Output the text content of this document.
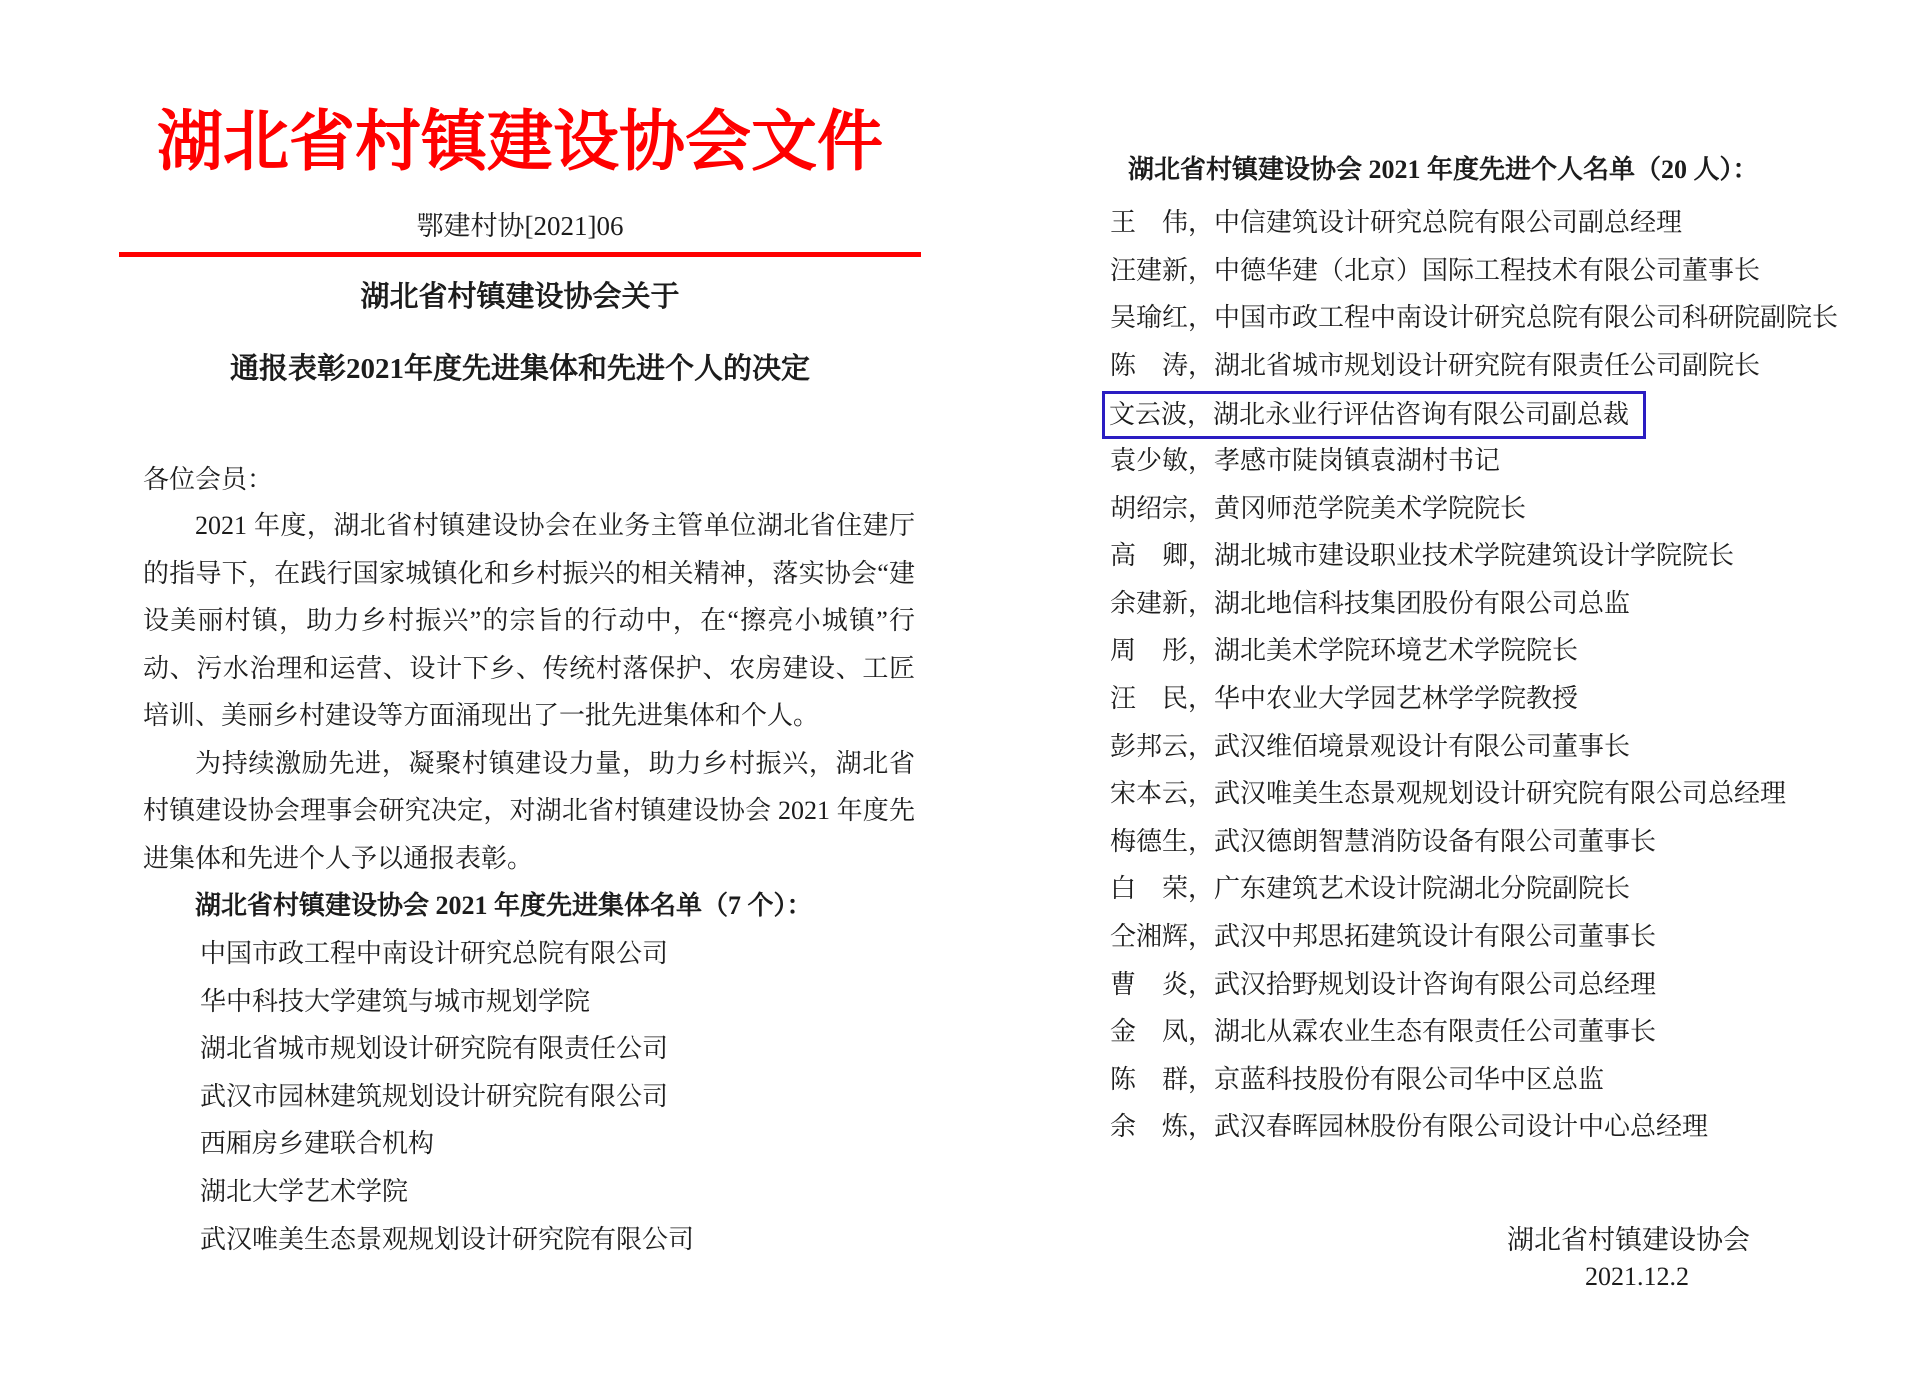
湖北省村镇建设协会文件
鄂建村协[2021]06
湖北省村镇建设协会关于
通报表彰2021年度先进集体和先进个人的决定
各位会员：

2021 年度，湖北省村镇建设协会在业务主管单位湖北省住建厅的指导下，在践行国家城镇化和乡村振兴的相关精神，落实协会“建设美丽村镇，助力乡村振兴”的宗旨的行动中，在“擦亮小城镇”行动、污水治理和运营、设计下乡、传统村落保护、农房建设、工匠培训、美丽乡村建设等方面涌现出了一批先进集体和个人。

为持续激励先进，凝聚村镇建设力量，助力乡村振兴，湖北省村镇建设协会理事会研究决定，对湖北省村镇建设协会 2021 年度先进集体和先进个人予以通报表彰。

湖北省村镇建设协会 2021 年度先进集体名单（7 个）：
中国市政工程中南设计研究总院有限公司
华中科技大学建筑与城市规划学院
湖北省城市规划设计研究院有限责任公司
武汉市园林建筑规划设计研究院有限公司
西厢房乡建联合机构
湖北大学艺术学院
武汉唯美生态景观规划设计研究院有限公司
湖北省村镇建设协会 2021 年度先进个人名单（20 人）：
王　伟，中信建筑设计研究总院有限公司副总经理
汪建新，中德华建（北京）国际工程技术有限公司董事长
吴瑜红，中国市政工程中南设计研究总院有限公司科研院副院长
陈　涛，湖北省城市规划设计研究院有限责任公司副院长
文云波，湖北永业行评估咨询有限公司副总裁
袁少敏，孝感市陡岗镇袁湖村书记
胡绍宗，黄冈师范学院美术学院院长
高　卿，湖北城市建设职业技术学院建筑设计学院院长
余建新，湖北地信科技集团股份有限公司总监
周　彤，湖北美术学院环境艺术学院院长
汪　民，华中农业大学园艺林学学院教授
彭邦云，武汉维佰境景观设计有限公司董事长
宋本云，武汉唯美生态景观规划设计研究院有限公司总经理
梅德生，武汉德朗智慧消防设备有限公司董事长
白　荣，广东建筑艺术设计院湖北分院副院长
仝湘辉，武汉中邦思拓建筑设计有限公司董事长
曹　炎，武汉拾野规划设计咨询有限公司总经理
金　凤，湖北从霖农业生态有限责任公司董事长
陈　群，京蓝科技股份有限公司华中区总监
余　炼，武汉春晖园林股份有限公司设计中心总经理
湖北省村镇建设协会
2021.12.2
